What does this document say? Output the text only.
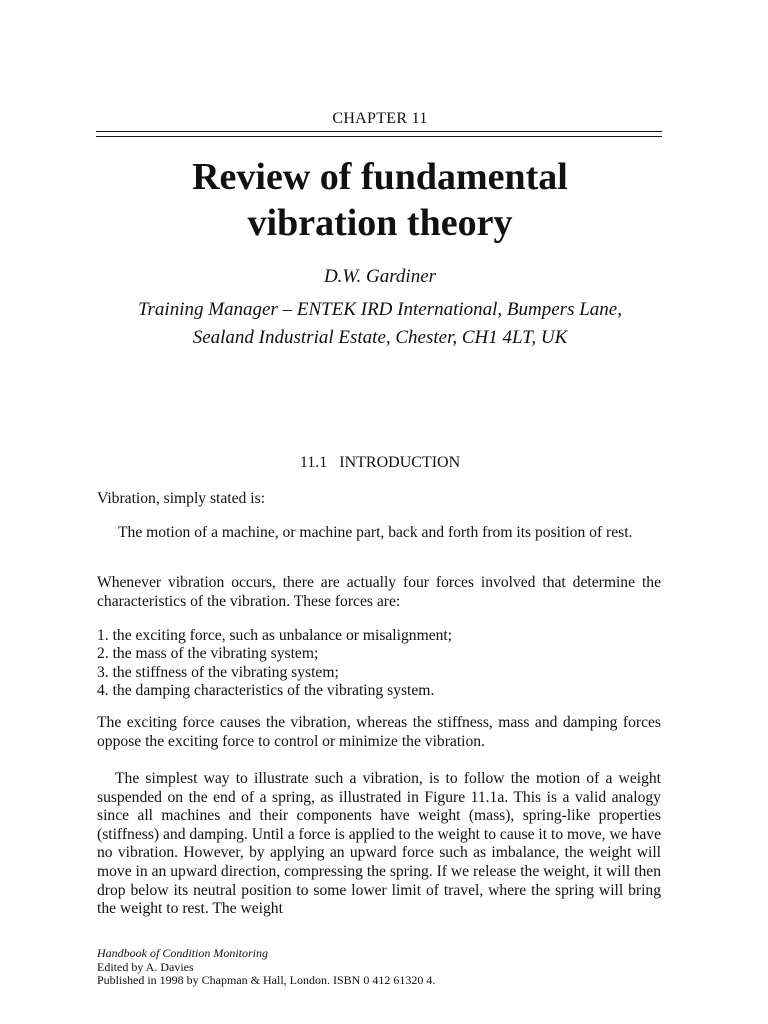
CHAPTER 11
Review of fundamental
vibration theory
D.W. Gardiner
Training Manager – ENTEK IRD International, Bumpers Lane,
Sealand Industrial Estate, Chester, CH1 4LT, UK
11.1 INTRODUCTION
Vibration, simply stated is:
The motion of a machine, or machine part, back and forth from its position of rest.
Whenever vibration occurs, there are actually four forces involved that determine the characteristics of the vibration. These forces are:
1. the exciting force, such as unbalance or misalignment;
2. the mass of the vibrating system;
3. the stiffness of the vibrating system;
4. the damping characteristics of the vibrating system.
The exciting force causes the vibration, whereas the stiffness, mass and damping forces oppose the exciting force to control or minimize the vibration.
The simplest way to illustrate such a vibration, is to follow the motion of a weight suspended on the end of a spring, as illustrated in Figure 11.1a. This is a valid analogy since all machines and their components have weight (mass), spring-like properties (stiffness) and damping. Until a force is applied to the weight to cause it to move, we have no vibration. However, by applying an upward force such as imbalance, the weight will move in an upward direction, compressing the spring. If we release the weight, it will then drop below its neutral position to some lower limit of travel, where the spring will bring the weight to rest. The weight
Handbook of Condition Monitoring
Edited by A. Davies
Published in 1998 by Chapman & Hall, London. ISBN 0 412 61320 4.
